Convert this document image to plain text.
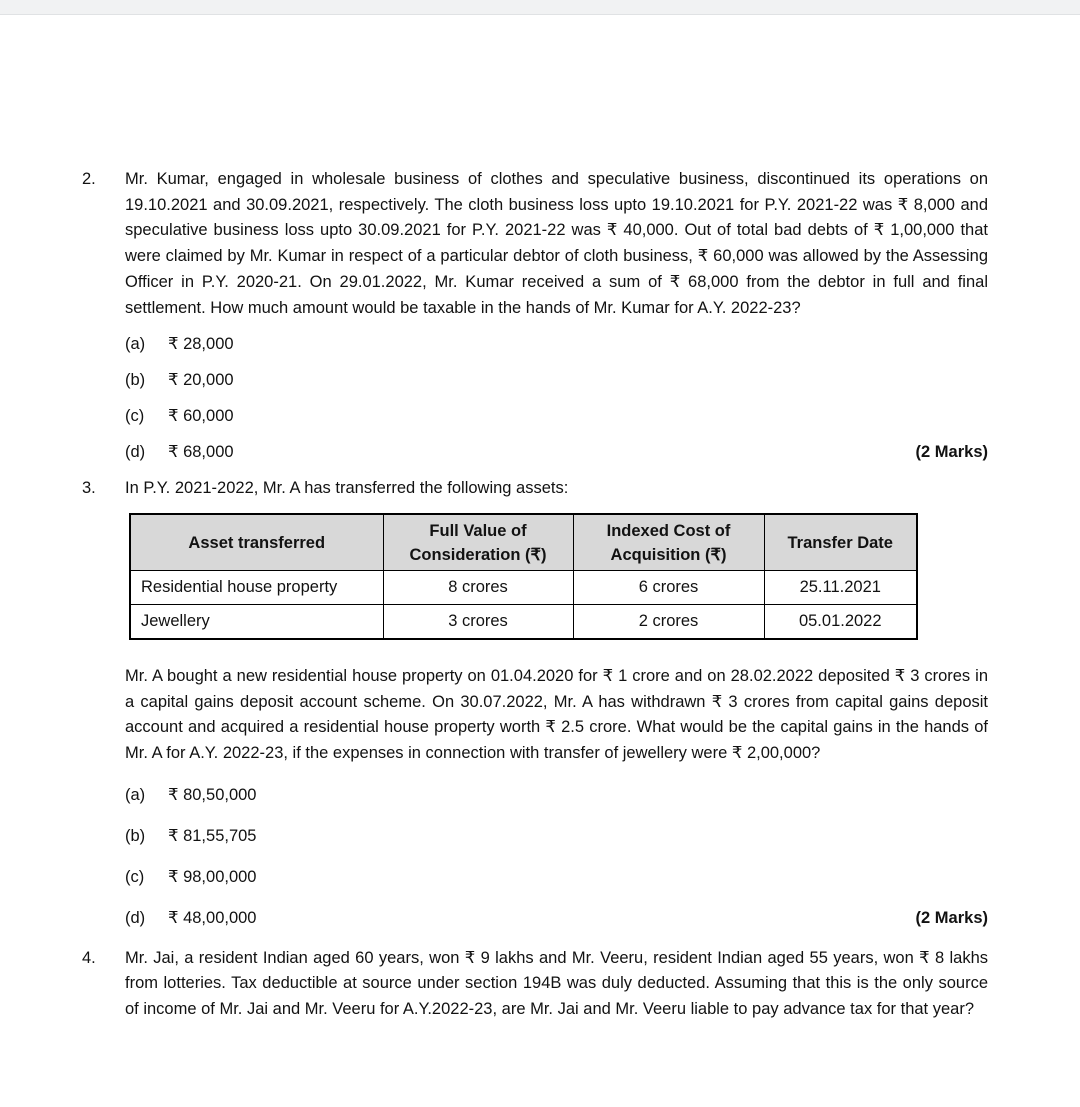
2.	Mr. Kumar, engaged in wholesale business of clothes and speculative business, discontinued its operations on 19.10.2021 and 30.09.2021, respectively. The cloth business loss upto 19.10.2021 for P.Y. 2021-22 was ₹ 8,000 and speculative business loss upto 30.09.2021 for P.Y. 2021-22 was ₹ 40,000. Out of total bad debts of ₹ 1,00,000 that were claimed by Mr. Kumar in respect of a particular debtor of cloth business, ₹ 60,000 was allowed by the Assessing Officer in P.Y. 2020-21. On 29.01.2022, Mr. Kumar received a sum of ₹ 68,000 from the debtor in full and final settlement. How much amount would be taxable in the hands of Mr. Kumar for A.Y. 2022-23?

(a)	₹ 28,000
(b)	₹ 20,000
(c)	₹ 60,000
(d)	₹ 68,000	(2 Marks)
3.	In P.Y. 2021-2022, Mr. A has transferred the following assets:

Asset transferred	Full Value of Consideration (₹)	Indexed Cost of Acquisition (₹)	Transfer Date
Residential house property	8 crores	6 crores	25.11.2021
Jewellery	3 crores	2 crores	05.01.2022

Mr. A bought a new residential house property on 01.04.2020 for ₹ 1 crore and on 28.02.2022 deposited ₹ 3 crores in a capital gains deposit account scheme. On 30.07.2022, Mr. A has withdrawn ₹ 3 crores from capital gains deposit account and acquired a residential house property worth ₹ 2.5 crore. What would be the capital gains in the hands of Mr. A for A.Y. 2022-23, if the expenses in connection with transfer of jewellery were ₹ 2,00,000?

(a)	₹ 80,50,000
(b)	₹ 81,55,705
(c)	₹ 98,00,000
(d)	₹ 48,00,000	(2 Marks)
4.	Mr. Jai, a resident Indian aged 60 years, won ₹ 9 lakhs and Mr. Veeru, resident Indian aged 55 years, won ₹ 8 lakhs from lotteries. Tax deductible at source under section 194B was duly deducted. Assuming that this is the only source of income of Mr. Jai and Mr. Veeru for A.Y.2022-23, are Mr. Jai and Mr. Veeru liable to pay advance tax for that year?
